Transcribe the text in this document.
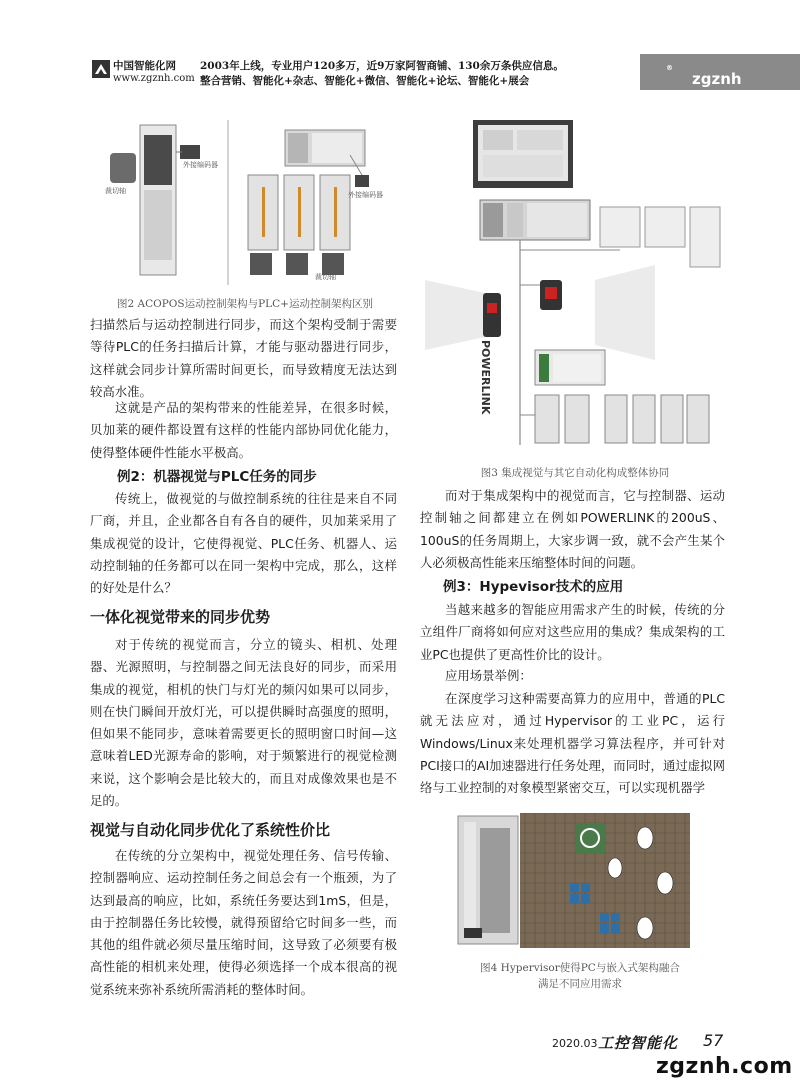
中国智能化网
www.zgznh.com
2003年上线，专业用户120多万，近9万家阿智商铺、130余万条供应信息。
整合营销、智能化+杂志、智能化+微信、智能化+论坛、智能化+展会	zgznh
®
外接编码器
外接编码器
裁切轴
裁切轴
图2 ACOPOS运动控制架构与PLC+运动控制架构区别

扫描然后与运动控制进行同步，而这个架构受制于需要等待PLC的任务扫描后计算，才能与驱动器进行同步，这样就会同步计算所需时间更长，而导致精度无法达到较高水准。

这就是产品的架构带来的性能差异，在很多时候，贝加莱的硬件都设置有这样的性能内部协同优化能力，使得整体硬件性能水平极高。

例2：机器视觉与PLC任务的同步

传统上，做视觉的与做控制系统的往往是来自不同厂商，并且，企业都各自有各自的硬件，贝加莱采用了集成视觉的设计，它使得视觉、PLC任务、机器人、运动控制轴的任务都可以在同一架构中完成，那么，这样的好处是什么？

一体化视觉带来的同步优势

对于传统的视觉而言，分立的镜头、相机、处理器、光源照明，与控制器之间无法良好的同步，而采用集成的视觉，相机的快门与灯光的频闪如果可以同步，则在快门瞬间开放灯光，可以提供瞬时高强度的照明，但如果不能同步，意味着需要更长的照明窗口时间—这意味着LED光源寿命的影响，对于频繁进行的视觉检测来说，这个影响会是比较大的，而且对成像效果也是不足的。

视觉与自动化同步优化了系统性价比

在传统的分立架构中，视觉处理任务、信号传输、控制器响应、运动控制任务之间总会有一个瓶颈，为了达到最高的响应，比如，系统任务要达到1mS，但是，由于控制器任务比较慢，就得预留给它时间多一些，而其他的组件就必须尽量压缩时间，这导致了必须要有极高性能的相机来处理，使得必须选择一个成本很高的视觉系统来弥补系统所需消耗的整体时间。

POWERLINK
图3 集成视觉与其它自动化构成整体协同

而对于集成架构中的视觉而言，它与控制器、运动控制轴之间都建立在例如POWERLINK的200uS、100uS的任务周期上，大家步调一致，就不会产生某个人必须极高性能来压缩整体时间的问题。

例3：Hypevisor技术的应用

当越来越多的智能应用需求产生的时候，传统的分立组件厂商将如何应对这些应用的集成？集成架构的工业PC也提供了更高性价比的设计。

应用场景举例：

在深度学习这种需要高算力的应用中，普通的PLC就无法应对，通过Hypervisor的工业PC，运行Windows/Linux来处理机器学习算法程序，并可针对PCI接口的AI加速器进行任务处理，而同时，通过虚拟网络与工业控制的对象模型紧密交互，可以实现机器学

图4 Hypervisor使得PC与嵌入式架构融合
满足不同应用需求
2020.03 工控智能化 57
zgznh.com
